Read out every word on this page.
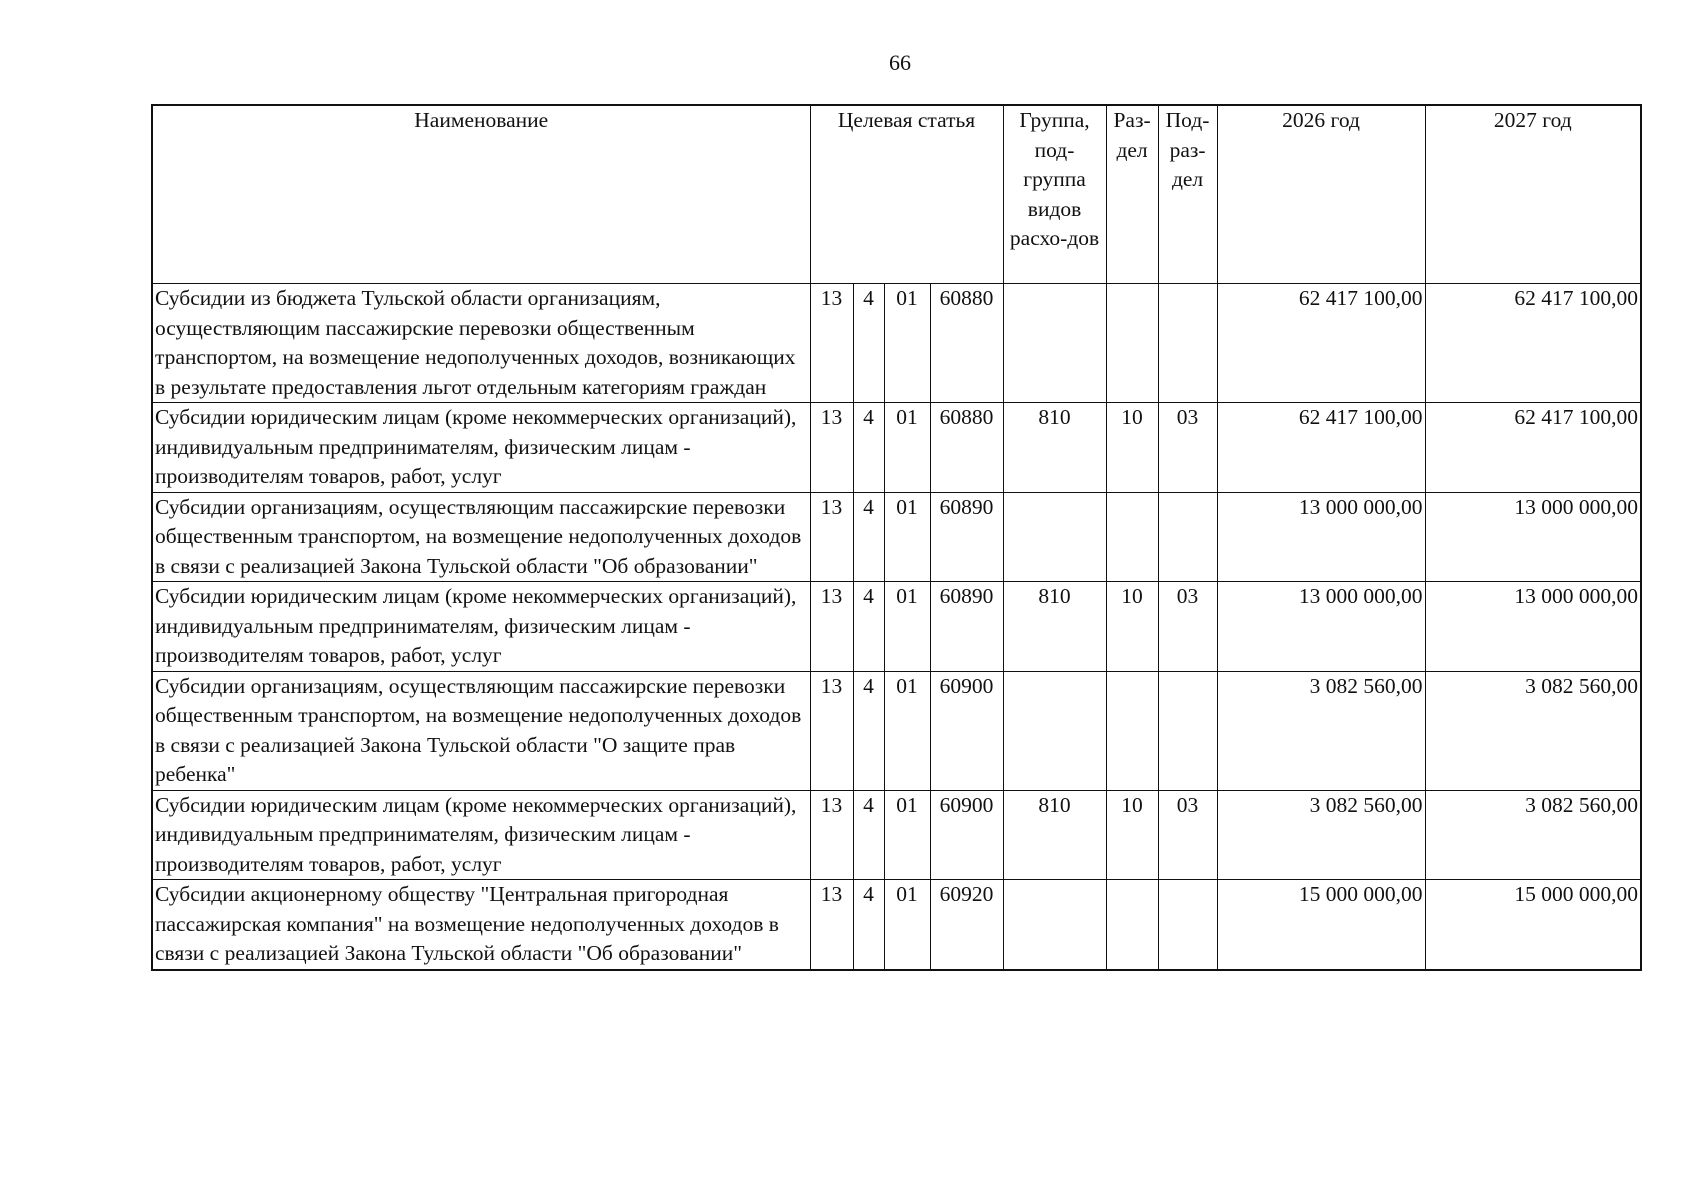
66
Наименование	Целевая статья				Группа, под-группа видов расхо-дов	Раз-дел	Под-раз-дел	2026 год	2027 год
Субсидии из бюджета Тульской области организациям, осуществляющим пассажирские перевозки общественным транспортом, на возмещение недополученных доходов, возникающих в результате предоставления льгот отдельным категориям граждан	13	4	01	60880				62 417 100,00	62 417 100,00
Субсидии юридическим лицам (кроме некоммерческих организаций), индивидуальным предпринимателям, физическим лицам - производителям товаров, работ, услуг	13	4	01	60880	810	10	03	62 417 100,00	62 417 100,00
Субсидии организациям, осуществляющим пассажирские перевозки общественным транспортом, на возмещение недополученных доходов в связи с реализацией Закона Тульской области "Об образовании"	13	4	01	60890				13 000 000,00	13 000 000,00
Субсидии юридическим лицам (кроме некоммерческих организаций), индивидуальным предпринимателям, физическим лицам - производителям товаров, работ, услуг	13	4	01	60890	810	10	03	13 000 000,00	13 000 000,00
Субсидии организациям, осуществляющим пассажирские перевозки общественным транспортом, на возмещение недополученных доходов в связи с реализацией Закона Тульской области "О защите прав ребенка"	13	4	01	60900				3 082 560,00	3 082 560,00
Субсидии юридическим лицам (кроме некоммерческих организаций), индивидуальным предпринимателям, физическим лицам - производителям товаров, работ, услуг	13	4	01	60900	810	10	03	3 082 560,00	3 082 560,00
Субсидии акционерному обществу "Центральная пригородная пассажирская компания" на возмещение недополученных доходов в связи с реализацией Закона Тульской области "Об образовании"	13	4	01	60920				15 000 000,00	15 000 000,00
